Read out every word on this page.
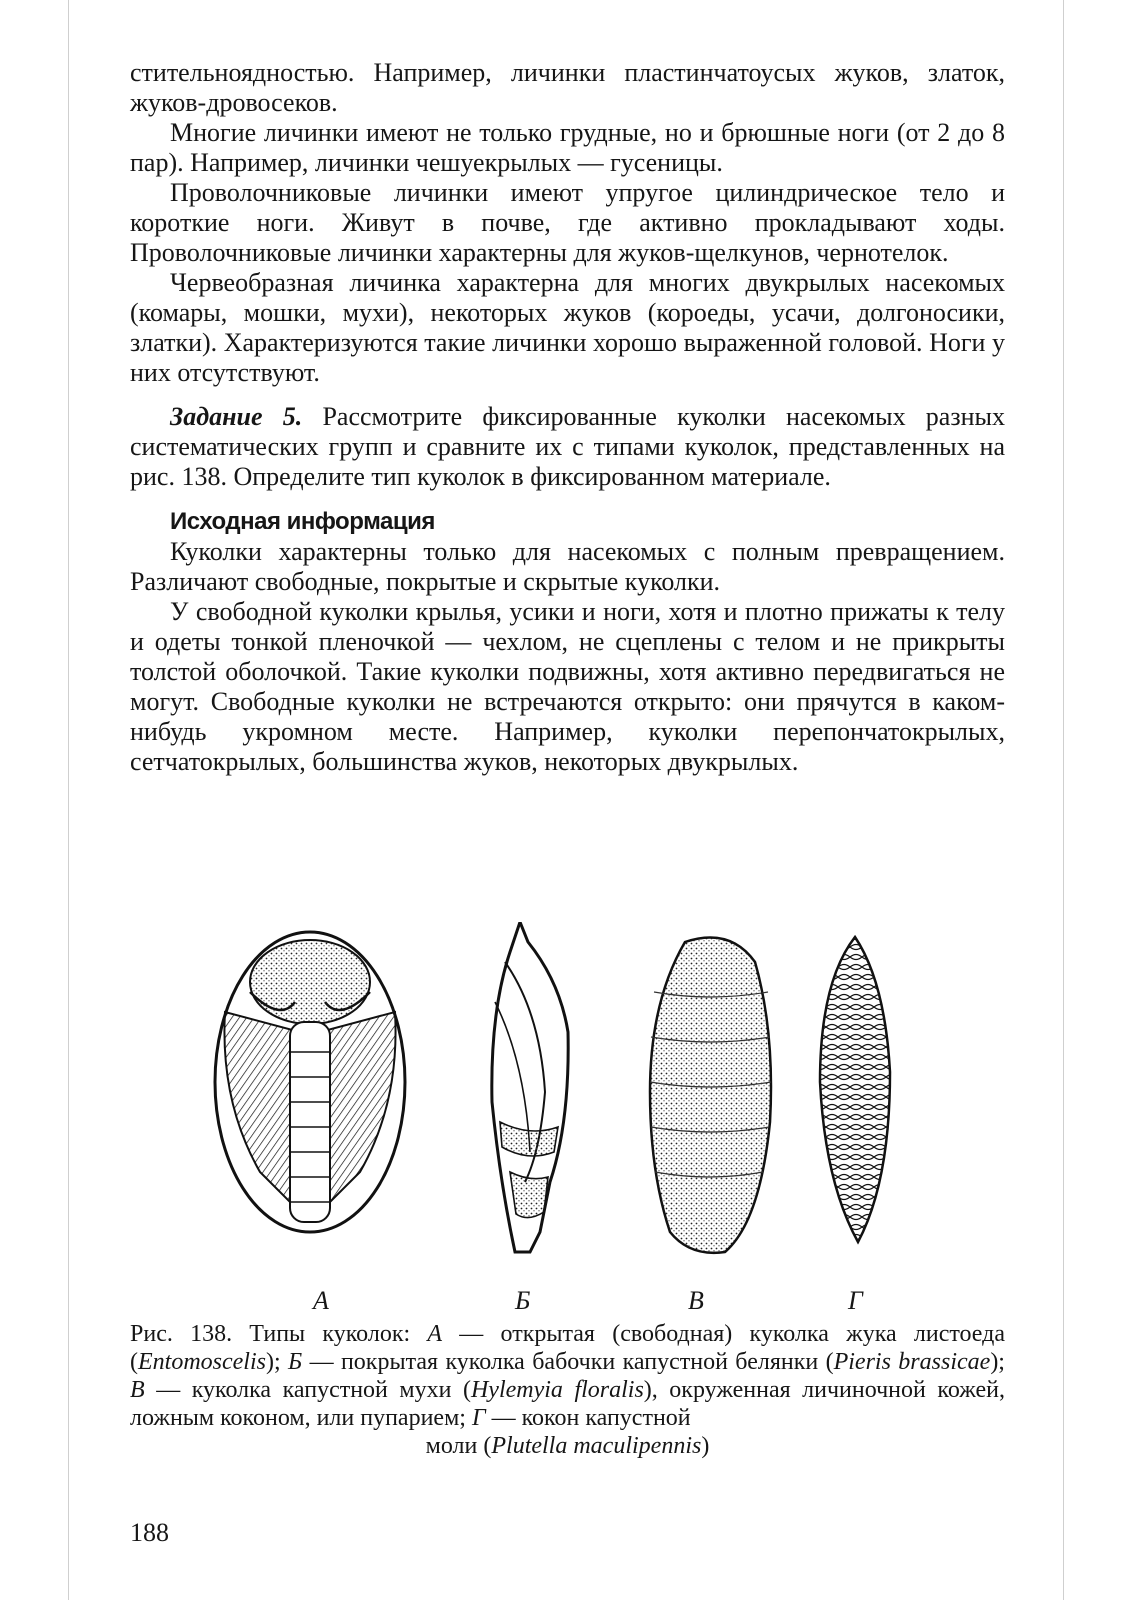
стительноядностью. Например, личинки пластинчатоусых жуков, златок, жуков-дровосеков.

Многие личинки имеют не только грудные, но и брюшные ноги (от 2 до 8 пар). Например, личинки чешуекрылых — гусеницы.

Проволочниковые личинки имеют упругое цилиндрическое тело и короткие ноги. Живут в почве, где активно прокладывают ходы. Проволочниковые личинки характерны для жуков-щелкунов, чернотелок.

Червеобразная личинка характерна для многих двукрылых насекомых (комары, мошки, мухи), некоторых жуков (короеды, усачи, долгоносики, златки). Характеризуются такие личинки хорошо выраженной головой. Ноги у них отсутствуют.

Задание 5. Рассмотрите фиксированные куколки насекомых разных систематических групп и сравните их с типами куколок, представленных на рис. 138. Определите тип куколок в фиксированном материале.

Исходная информация

Куколки характерны только для насекомых с полным превращением. Различают свободные, покрытые и скрытые куколки.

У свободной куколки крылья, усики и ноги, хотя и плотно прижаты к телу и одеты тонкой пленочкой — чехлом, не сцеплены с телом и не прикрыты толстой оболочкой. Такие куколки подвижны, хотя активно передвигаться не могут. Свободные куколки не встречаются открыто: они прячутся в каком-нибудь укромном месте. Например, куколки перепончатокрылых, сетчатокрылых, большинства жуков, некоторых двукрылых.

А	Б	В	Г
Рис. 138. Типы куколок: А — открытая (свободная) куколка жука листоеда (Entomoscelis); Б — покрытая куколка бабочки капустной белянки (Pieris brassicae); В — куколка капустной мухи (Hylemyia floralis), окруженная личиночной кожей, ложным коконом, или пупарием; Г — кокон капустной
моли (Plutella maculipennis)
188
